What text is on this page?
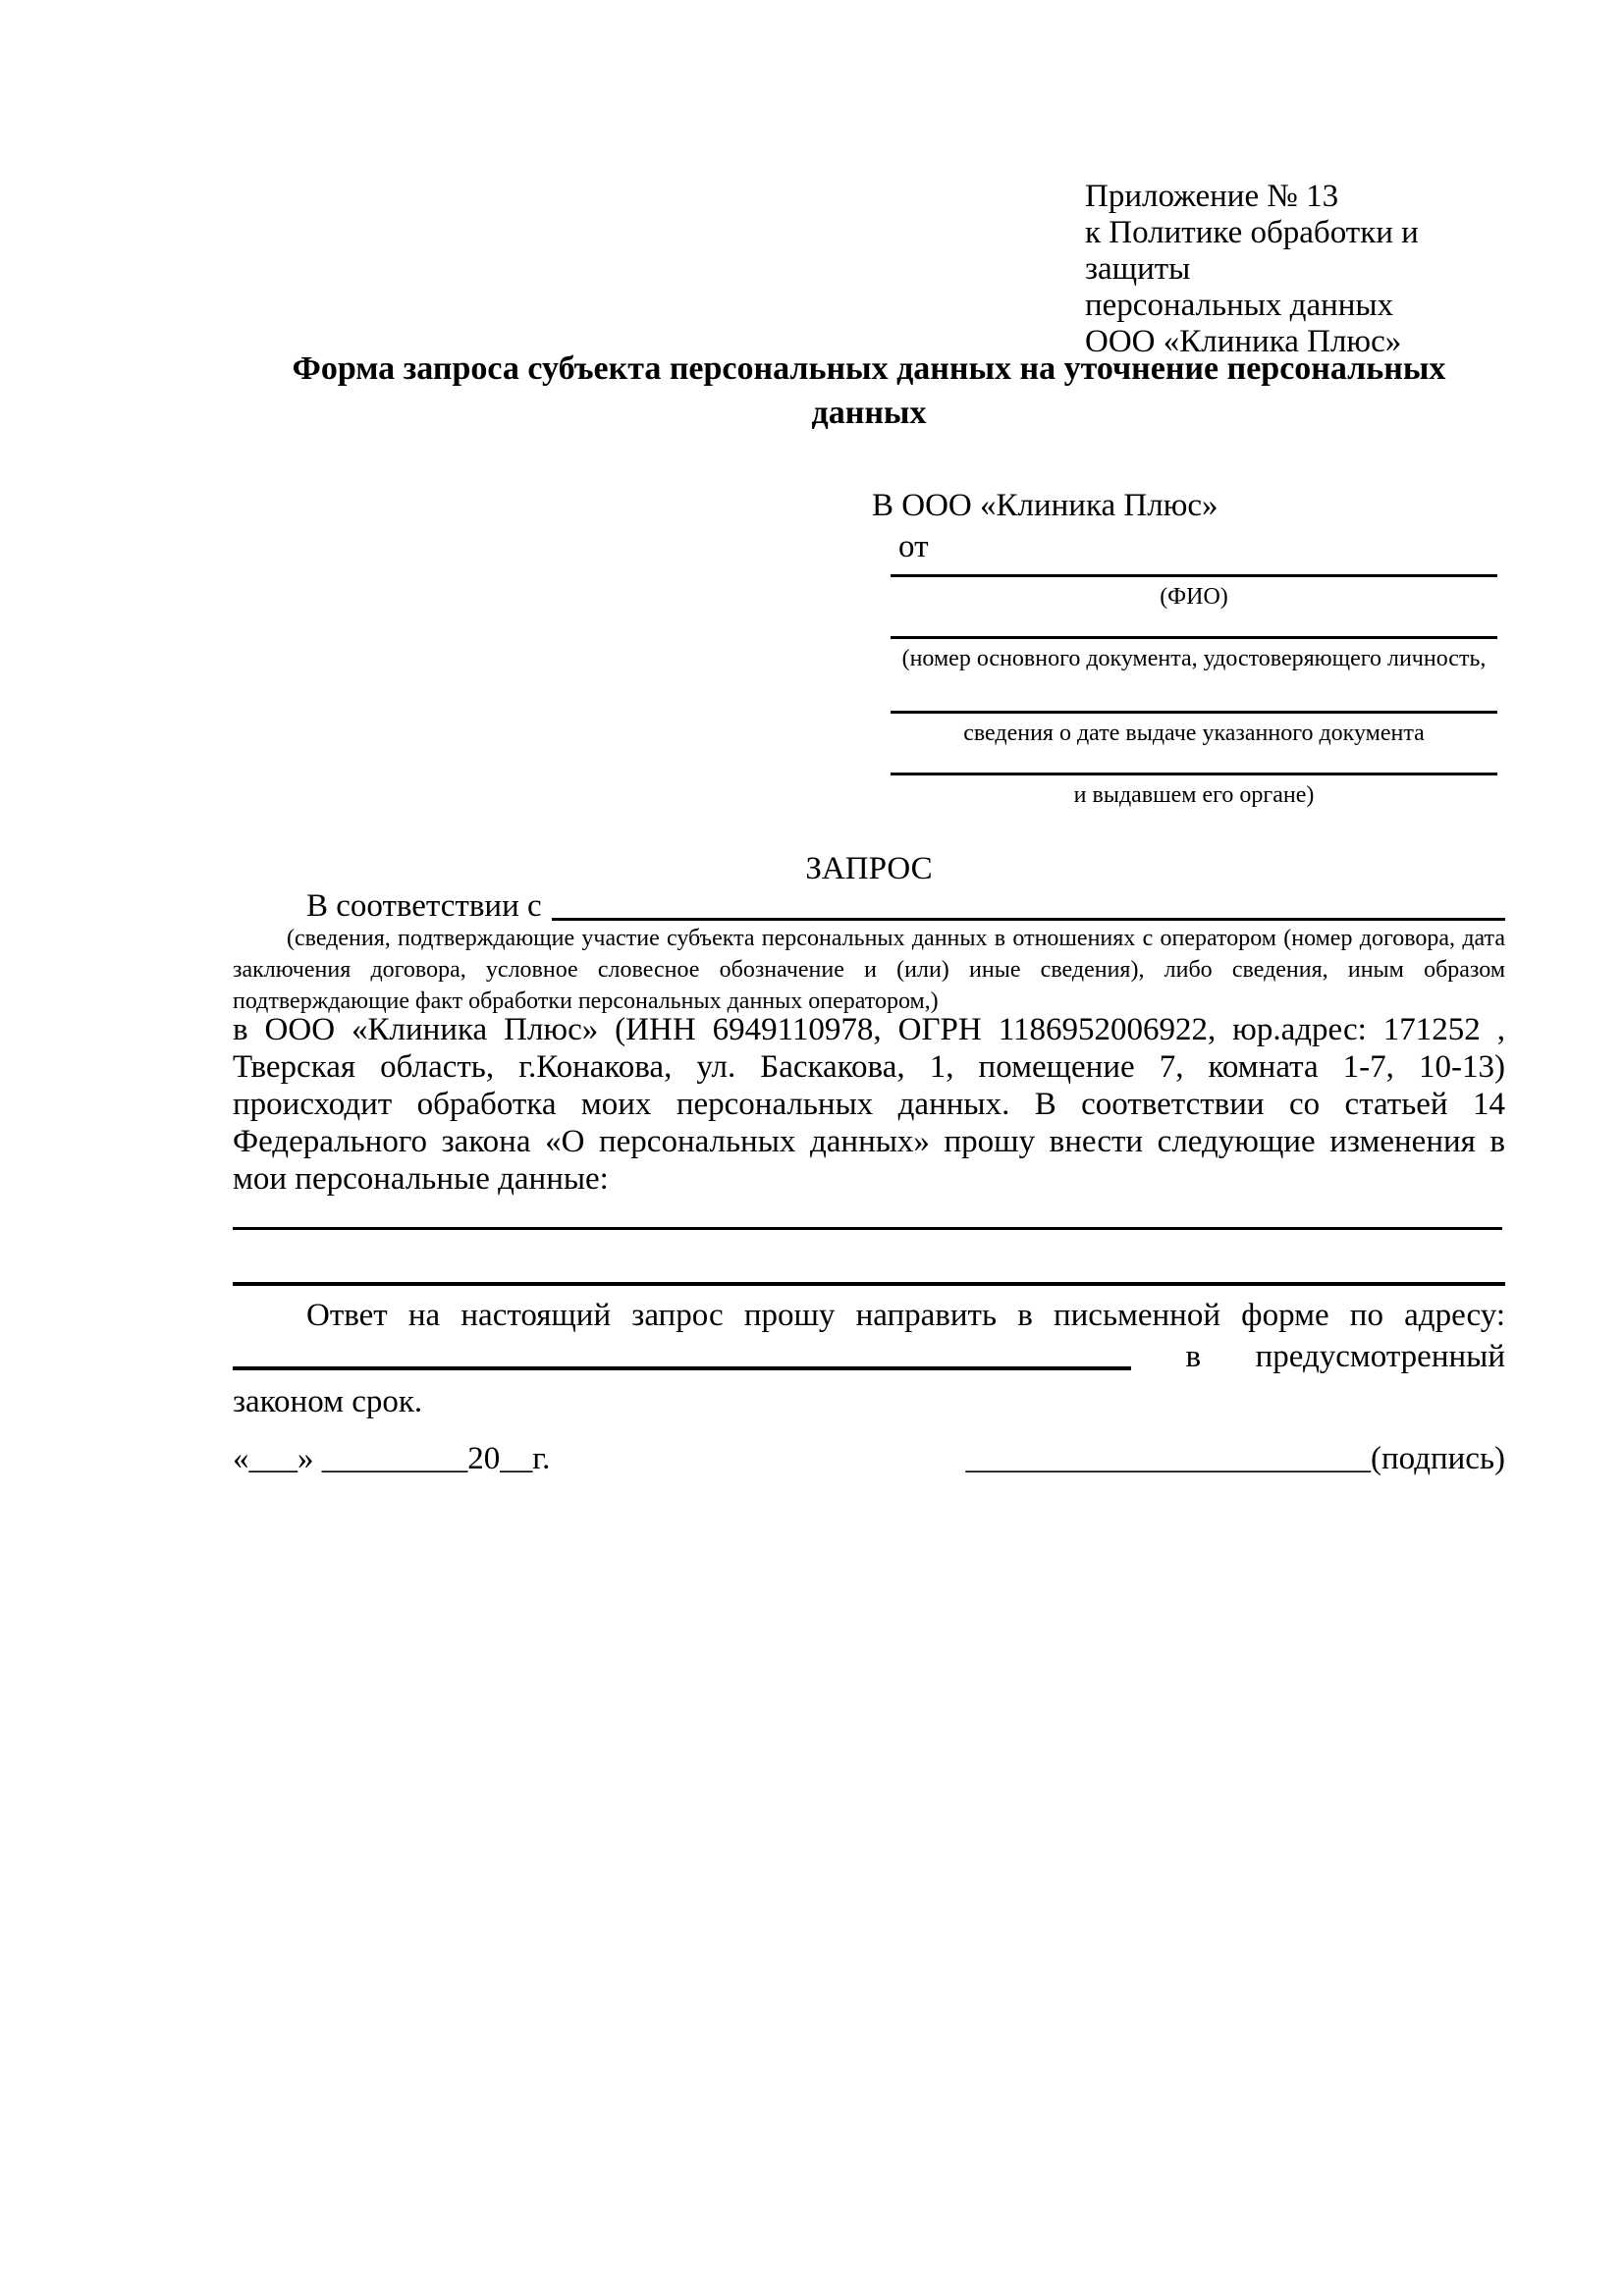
Приложение № 13
к Политике обработки и защиты
персональных данных
ООО «Клиника Плюс»
Форма запроса субъекта персональных данных на уточнение персональных данных
В ООО «Клиника Плюс»
от
(ФИО)
(номер основного документа, удостоверяющего личность,
сведения о дате выдаче указанного документа
и выдавшем его органе)
ЗАПРОС
В соответствии с
(сведения, подтверждающие участие субъекта персональных данных в отношениях с оператором (номер договора, дата заключения договора, условное словесное обозначение и (или) иные сведения), либо сведения, иным образом подтверждающие факт обработки персональных данных оператором,)
в ООО «Клиника Плюс» (ИНН 6949110978, ОГРН 1186952006922, юр.адрес: 171252 , Тверская область, г.Конакова, ул. Баскакова, 1, помещение 7, комната 1-7, 10-13) происходит обработка моих персональных данных. В соответствии со статьей 14 Федерального закона «О персональных данных» прошу внести следующие изменения в мои персональные данные:
Ответ на настоящий запрос прошу направить в письменной форме по адресу:
в предусмотренный
законом срок.
«___» _________20__г.	_________________________(подпись)
